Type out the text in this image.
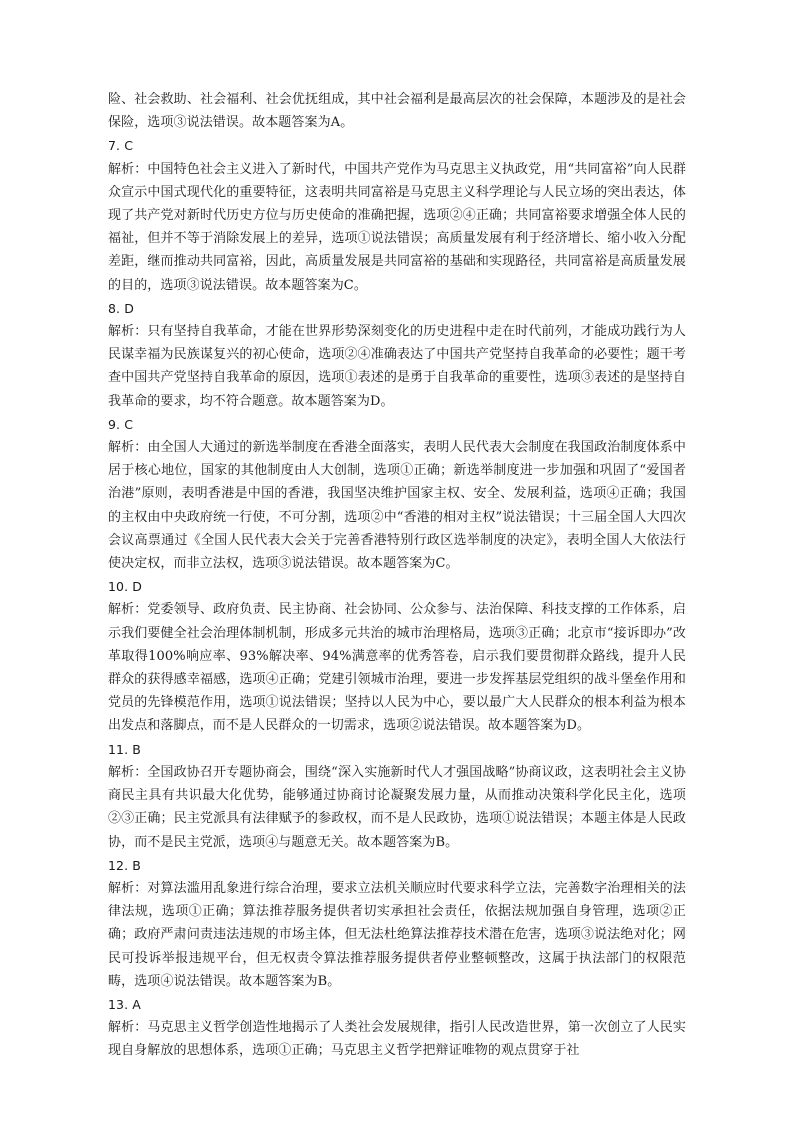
险、社会救助、社会福利、社会优抚组成，其中社会福利是最高层次的社会保障，本题涉及的是社会保险，选项③说法错误。故本题答案为A。

7. C

解析：中国特色社会主义进入了新时代，中国共产党作为马克思主义执政党，用“共同富裕”向人民群众宣示中国式现代化的重要特征，这表明共同富裕是马克思主义科学理论与人民立场的突出表达，体现了共产党对新时代历史方位与历史使命的准确把握，选项②④正确；共同富裕要求增强全体人民的福祉，但并不等于消除发展上的差异，选项①说法错误；高质量发展有利于经济增长、缩小收入分配差距，继而推动共同富裕，因此，高质量发展是共同富裕的基础和实现路径，共同富裕是高质量发展的目的，选项③说法错误。故本题答案为C。

8. D

解析：只有坚持自我革命，才能在世界形势深刻变化的历史进程中走在时代前列，才能成功践行为人民谋幸福为民族谋复兴的初心使命，选项②④准确表达了中国共产党坚持自我革命的必要性；题干考查中国共产党坚持自我革命的原因，选项①表述的是勇于自我革命的重要性，选项③表述的是坚持自我革命的要求，均不符合题意。故本题答案为D。

9. C

解析：由全国人大通过的新选举制度在香港全面落实，表明人民代表大会制度在我国政治制度体系中居于核心地位，国家的其他制度由人大创制，选项①正确；新选举制度进一步加强和巩固了“爱国者治港”原则，表明香港是中国的香港，我国坚决维护国家主权、安全、发展利益，选项④正确；我国的主权由中央政府统一行使，不可分割，选项②中“香港的相对主权”说法错误；十三届全国人大四次会议高票通过《全国人民代表大会关于完善香港特别行政区选举制度的决定》，表明全国人大依法行使决定权，而非立法权，选项③说法错误。故本题答案为C。

10. D

解析：党委领导、政府负责、民主协商、社会协同、公众参与、法治保障、科技支撑的工作体系，启示我们要健全社会治理体制机制，形成多元共治的城市治理格局，选项③正确；北京市“接诉即办”改革取得100%响应率、93%解决率、94%满意率的优秀答卷，启示我们要贯彻群众路线，提升人民群众的获得感幸福感，选项④正确；党建引领城市治理，要进一步发挥基层党组织的战斗堡垒作用和党员的先锋模范作用，选项①说法错误；坚持以人民为中心，要以最广大人民群众的根本利益为根本出发点和落脚点，而不是人民群众的一切需求，选项②说法错误。故本题答案为D。

11. B

解析：全国政协召开专题协商会，围绕“深入实施新时代人才强国战略”协商议政，这表明社会主义协商民主具有共识最大化优势，能够通过协商讨论凝聚发展力量，从而推动决策科学化民主化，选项②③正确；民主党派具有法律赋予的参政权，而不是人民政协，选项①说法错误；本题主体是人民政协，而不是民主党派，选项④与题意无关。故本题答案为B。

12. B

解析：对算法滥用乱象进行综合治理，要求立法机关顺应时代要求科学立法，完善数字治理相关的法律法规，选项①正确；算法推荐服务提供者切实承担社会责任，依据法规加强自身管理，选项②正确；政府严肃问责违法违规的市场主体，但无法杜绝算法推荐技术潜在危害，选项③说法绝对化；网民可投诉举报违规平台，但无权责令算法推荐服务提供者停业整顿整改，这属于执法部门的权限范畴，选项④说法错误。故本题答案为B。

13. A

解析：马克思主义哲学创造性地揭示了人类社会发展规律，指引人民改造世界，第一次创立了人民实现自身解放的思想体系，选项①正确；马克思主义哲学把辩证唯物的观点贯穿于社
